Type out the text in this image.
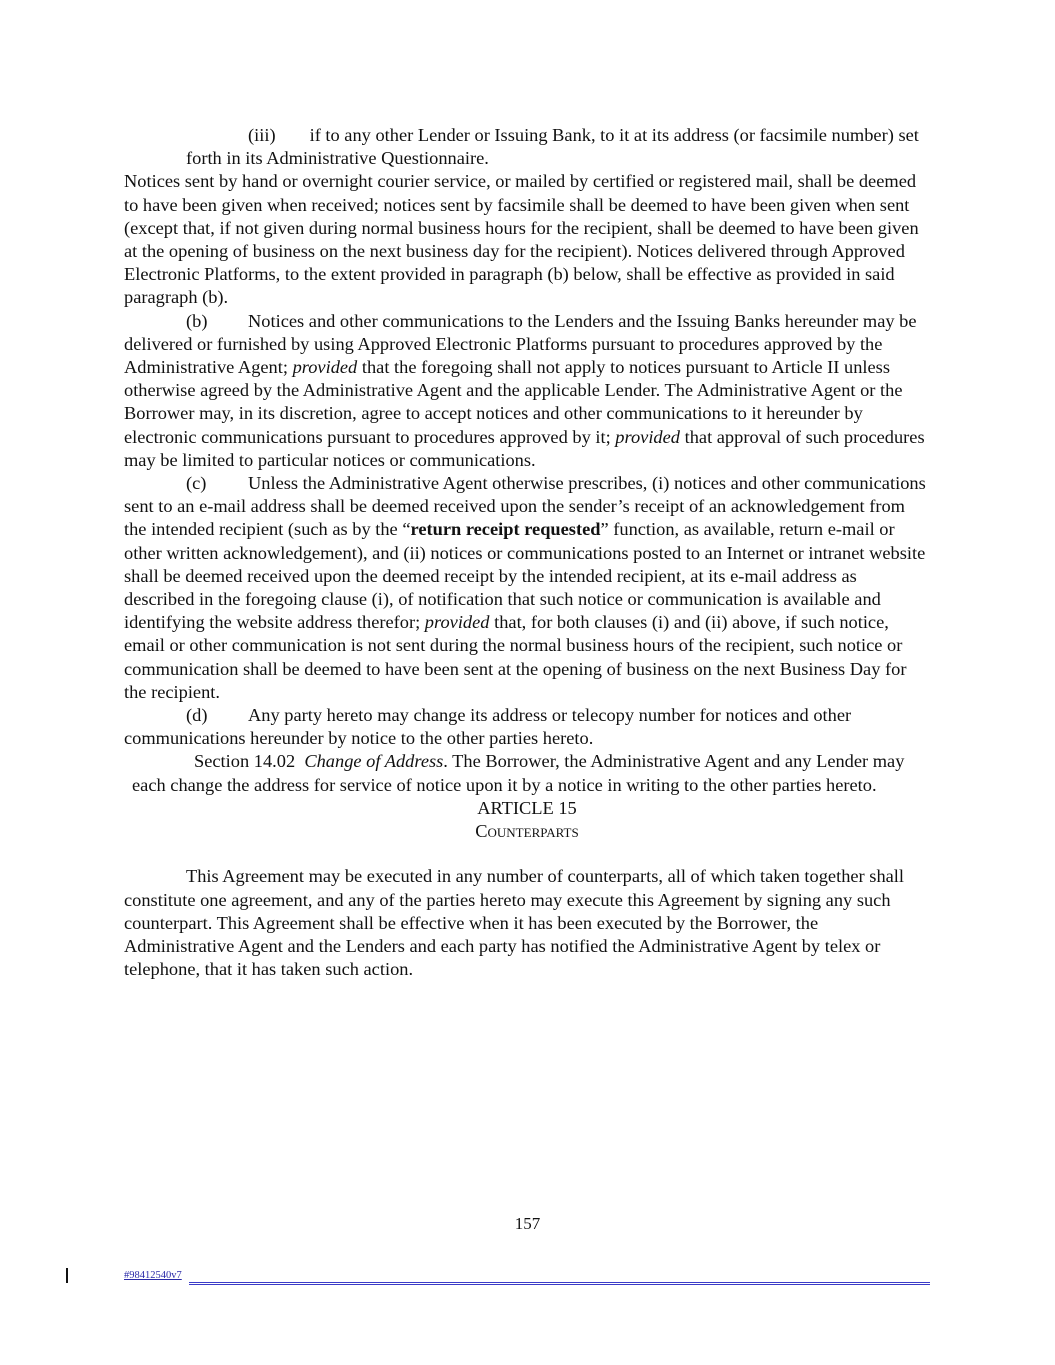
(iii) if to any other Lender or Issuing Bank, to it at its address (or facsimile number) set forth in its Administrative Questionnaire.

Notices sent by hand or overnight courier service, or mailed by certified or registered mail, shall be deemed to have been given when received; notices sent by facsimile shall be deemed to have been given when sent (except that, if not given during normal business hours for the recipient, shall be deemed to have been given at the opening of business on the next business day for the recipient). Notices delivered through Approved Electronic Platforms, to the extent provided in paragraph (b) below, shall be effective as provided in said paragraph (b).

(b) Notices and other communications to the Lenders and the Issuing Banks hereunder may be delivered or furnished by using Approved Electronic Platforms pursuant to procedures approved by the Administrative Agent; provided that the foregoing shall not apply to notices pursuant to Article II unless otherwise agreed by the Administrative Agent and the applicable Lender. The Administrative Agent or the Borrower may, in its discretion, agree to accept notices and other communications to it hereunder by electronic communications pursuant to procedures approved by it; provided that approval of such procedures may be limited to particular notices or communications.

(c) Unless the Administrative Agent otherwise prescribes, (i) notices and other communications sent to an e-mail address shall be deemed received upon the sender’s receipt of an acknowledgement from the intended recipient (such as by the “return receipt requested” function, as available, return e-mail or other written acknowledgement), and (ii) notices or communications posted to an Internet or intranet website shall be deemed received upon the deemed receipt by the intended recipient, at its e-mail address as described in the foregoing clause (i), of notification that such notice or communication is available and identifying the website address therefor; provided that, for both clauses (i) and (ii) above, if such notice, email or other communication is not sent during the normal business hours of the recipient, such notice or communication shall be deemed to have been sent at the opening of business on the next Business Day for the recipient.

(d) Any party hereto may change its address or telecopy number for notices and other communications hereunder by notice to the other parties hereto.

Section 14.02 Change of Address. The Borrower, the Administrative Agent and any Lender may each change the address for service of notice upon it by a notice in writing to the other parties hereto.

ARTICLE 15
Counterparts

This Agreement may be executed in any number of counterparts, all of which taken together shall constitute one agreement, and any of the parties hereto may execute this Agreement by signing any such counterpart. This Agreement shall be effective when it has been executed by the Borrower, the Administrative Agent and the Lenders and each party has notified the Administrative Agent by telex or telephone, that it has taken such action.

157
#98412540v7
